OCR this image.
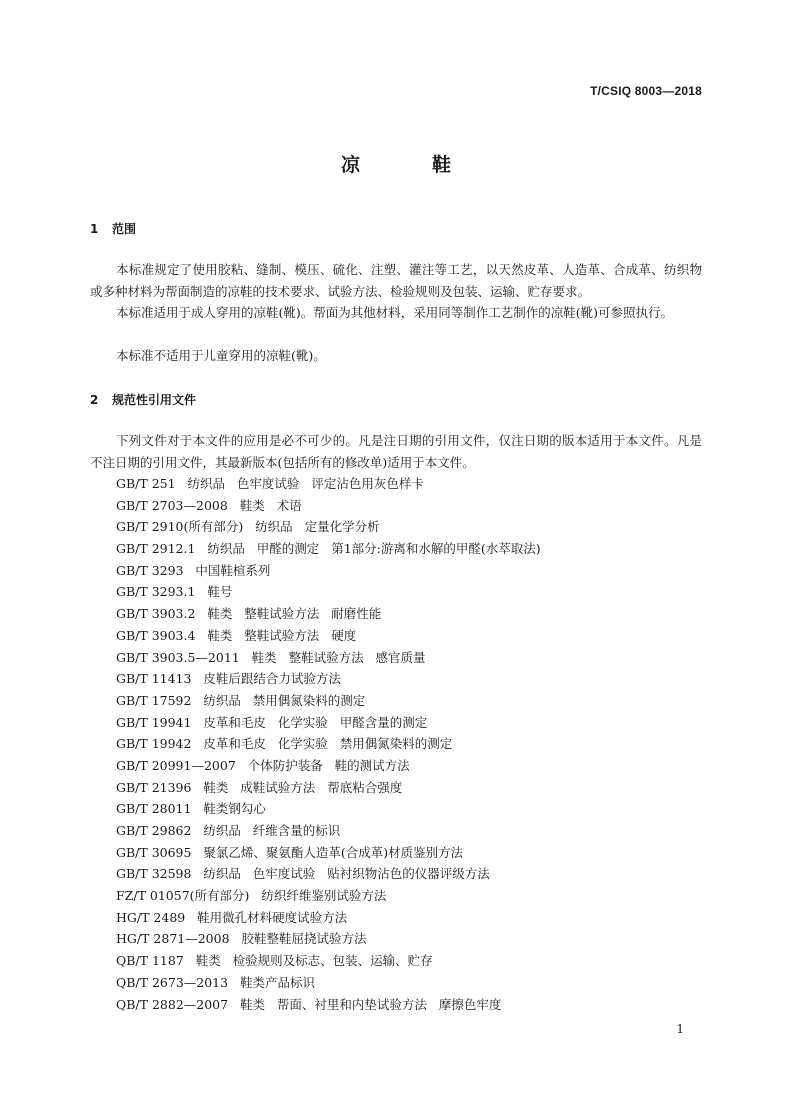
T/CSIQ 8003—2018
凉	鞋
1 范围

本标准规定了使用胶粘、缝制、模压、硫化、注塑、灌注等工艺，以天然皮革、人造革、合成革、纺织物或多种材料为帮面制造的凉鞋的技术要求、试验方法、检验规则及包装、运输、贮存要求。

本标准适用于成人穿用的凉鞋(靴)。帮面为其他材料，采用同等制作工艺制作的凉鞋(靴)可参照执行。

本标准不适用于儿童穿用的凉鞋(靴)。

2 规范性引用文件

下列文件对于本文件的应用是必不可少的。凡是注日期的引用文件，仅注日期的版本适用于本文件。凡是不注日期的引用文件，其最新版本(包括所有的修改单)适用于本文件。

GB/T 251   纺织品   色牢度试验   评定沾色用灰色样卡
GB/T 2703—2008   鞋类   术语
GB/T 2910(所有部分)   纺织品   定量化学分析
GB/T 2912.1   纺织品   甲醛的测定   第1部分:游离和水解的甲醛(水萃取法)
GB/T 3293   中国鞋楦系列
GB/T 3293.1   鞋号
GB/T 3903.2   鞋类   整鞋试验方法   耐磨性能
GB/T 3903.4   鞋类   整鞋试验方法   硬度
GB/T 3903.5—2011   鞋类   整鞋试验方法   感官质量
GB/T 11413   皮鞋后跟结合力试验方法
GB/T 17592   纺织品   禁用偶氮染料的测定
GB/T 19941   皮革和毛皮   化学实验   甲醛含量的测定
GB/T 19942   皮革和毛皮   化学实验   禁用偶氮染料的测定
GB/T 20991—2007   个体防护装备   鞋的测试方法
GB/T 21396   鞋类   成鞋试验方法   帮底粘合强度
GB/T 28011   鞋类钢勾心
GB/T 29862   纺织品   纤维含量的标识
GB/T 30695   聚氯乙烯、聚氨酯人造革(合成革)材质鉴别方法
GB/T 32598   纺织品   色牢度试验   贴衬织物沾色的仪器评级方法
FZ/T 01057(所有部分)   纺织纤维鉴别试验方法
HG/T 2489   鞋用微孔材料硬度试验方法
HG/T 2871—2008   胶鞋整鞋屈挠试验方法
QB/T 1187   鞋类   检验规则及标志、包装、运输、贮存
QB/T 2673—2013   鞋类产品标识
QB/T 2882—2007   鞋类   帮面、衬里和内垫试验方法   摩擦色牢度
1
